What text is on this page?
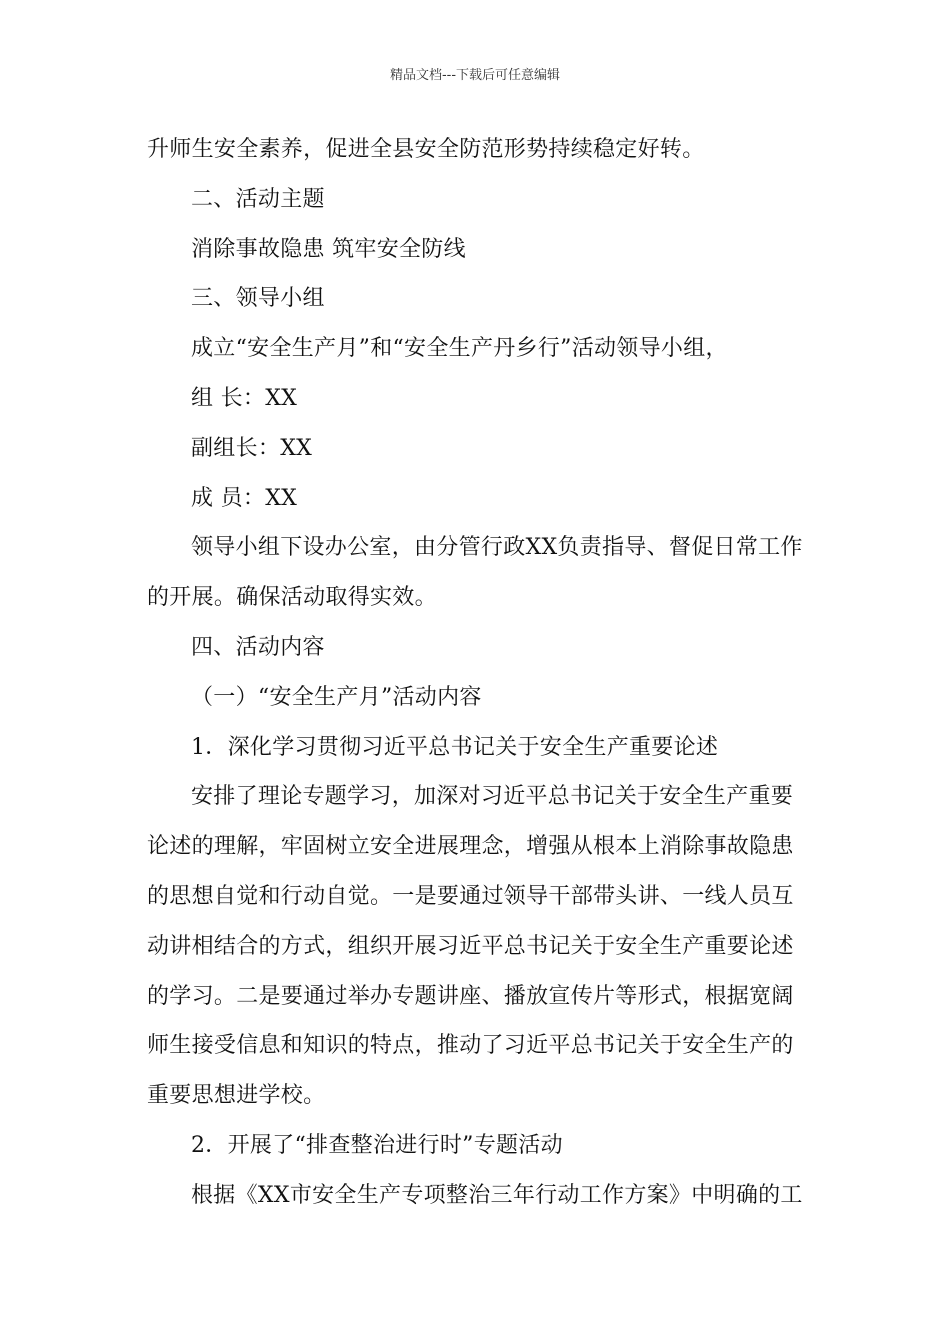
精品文档---下载后可任意编辑
升师生安全素养，促进全县安全防范形势持续稳定好转。
二、活动主题
消除事故隐患 筑牢安全防线
三、领导小组
成立“安全生产月”和“安全生产丹乡行”活动领导小组，
组 长：XX
副组长：XX
成 员：XX
领导小组下设办公室，由分管行政XX负责指导、督促日常工作
的开展。确保活动取得实效。
四、活动内容
（一）“安全生产月”活动内容
1．深化学习贯彻习近平总书记关于安全生产重要论述
安排了理论专题学习，加深对习近平总书记关于安全生产重要
论述的理解，牢固树立安全进展理念，增强从根本上消除事故隐患
的思想自觉和行动自觉。一是要通过领导干部带头讲、一线人员互
动讲相结合的方式，组织开展习近平总书记关于安全生产重要论述
的学习。二是要通过举办专题讲座、播放宣传片等形式，根据宽阔
师生接受信息和知识的特点，推动了习近平总书记关于安全生产的
重要思想进学校。
2．开展了“排查整治进行时”专题活动
根据《XX市安全生产专项整治三年行动工作方案》中明确的工
